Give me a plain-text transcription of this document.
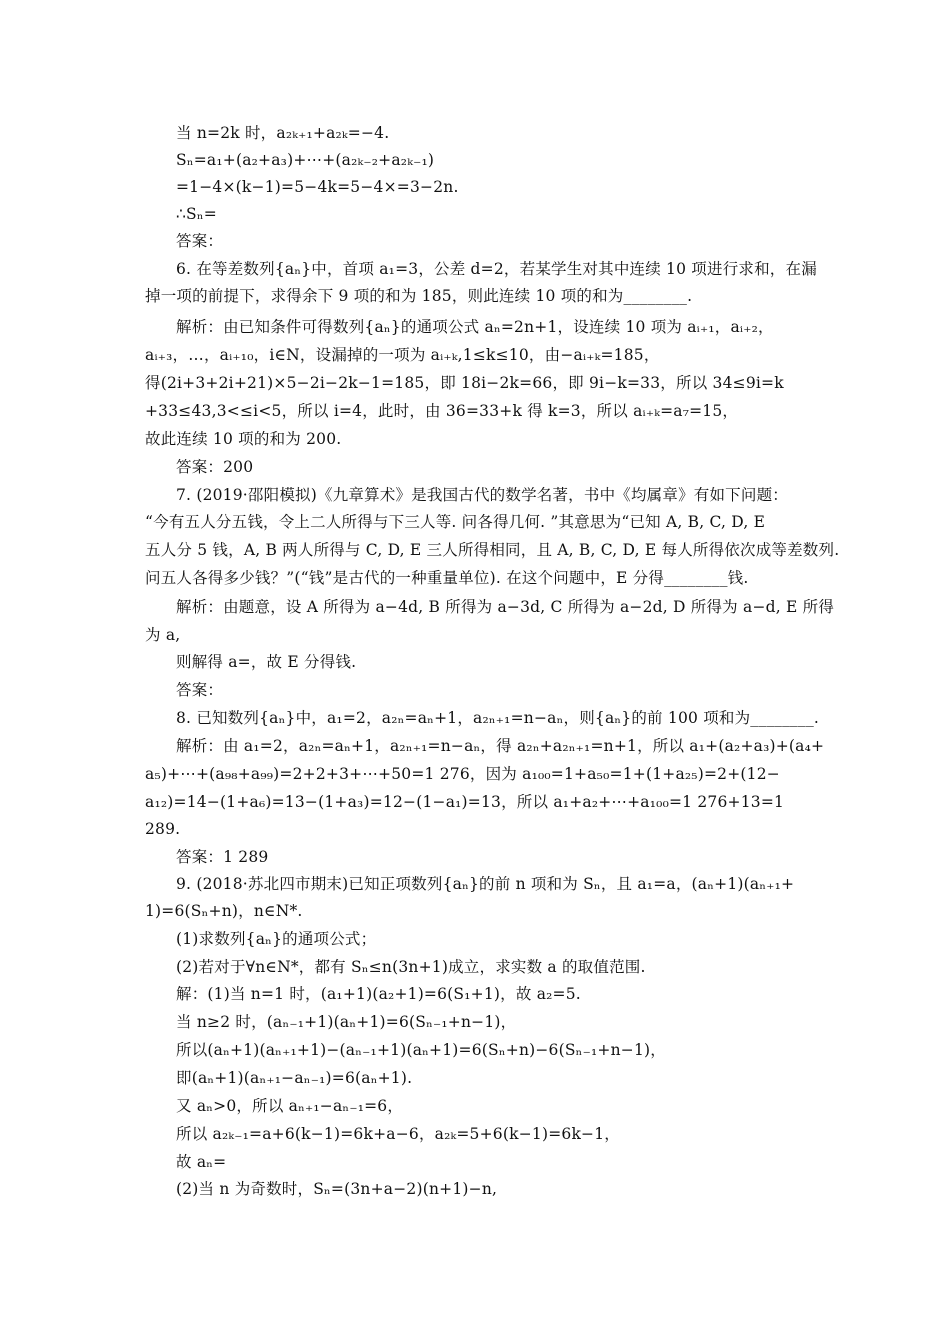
当 n=2k 时，a₂ₖ₊₁+a₂ₖ=−4.
Sₙ=a₁+(a₂+a₃)+⋯+(a₂ₖ₋₂+a₂ₖ₋₁)
=1−4×(k−1)=5−4k=5−4×=3−2n.
∴Sₙ=
答案：
6. 在等差数列{aₙ}中，首项 a₁=3，公差 d=2，若某学生对其中连续 10 项进行求和，在漏
掉一项的前提下，求得余下 9 项的和为 185，则此连续 10 项的和为________.
解析：由已知条件可得数列{aₙ}的通项公式 aₙ=2n+1，设连续 10 项为 aᵢ₊₁，aᵢ₊₂，
aᵢ₊₃，…，aᵢ₊₁₀，i∈N，设漏掉的一项为 aᵢ₊ₖ,1≤k≤10，由−aᵢ₊ₖ=185，
得(2i+3+2i+21)×5−2i−2k−1=185，即 18i−2k=66，即 9i−k=33，所以 34≤9i=k
+33≤43,3<≤i<5，所以 i=4，此时，由 36=33+k 得 k=3，所以 aᵢ₊ₖ=a₇=15，
故此连续 10 项的和为 200.
答案：200
7. (2019·邵阳模拟)《九章算术》是我国古代的数学名著，书中《均属章》有如下问题：
“今有五人分五钱，令上二人所得与下三人等. 问各得几何. ”其意思为“已知 A, B, C, D, E
五人分 5 钱，A, B 两人所得与 C, D, E 三人所得相同，且 A, B, C, D, E 每人所得依次成等差数列.
问五人各得多少钱？”(“钱”是古代的一种重量单位). 在这个问题中，E 分得________钱.
解析：由题意，设 A 所得为 a−4d, B 所得为 a−3d, C 所得为 a−2d, D 所得为 a−d, E 所得
为 a,
则解得 a=，故 E 分得钱.
答案：
8. 已知数列{aₙ}中，a₁=2，a₂ₙ=aₙ+1，a₂ₙ₊₁=n−aₙ，则{aₙ}的前 100 项和为________.
解析：由 a₁=2，a₂ₙ=aₙ+1，a₂ₙ₊₁=n−aₙ，得 a₂ₙ+a₂ₙ₊₁=n+1，所以 a₁+(a₂+a₃)+(a₄+
a₅)+⋯+(a₉₈+a₉₉)=2+2+3+⋯+50=1 276，因为 a₁₀₀=1+a₅₀=1+(1+a₂₅)=2+(12−
a₁₂)=14−(1+a₆)=13−(1+a₃)=12−(1−a₁)=13，所以 a₁+a₂+⋯+a₁₀₀=1 276+13=1
289.
答案：1 289
9. (2018·苏北四市期末)已知正项数列{aₙ}的前 n 项和为 Sₙ，且 a₁=a，(aₙ+1)(aₙ₊₁+
1)=6(Sₙ+n)，n∈N*.
(1)求数列{aₙ}的通项公式；
(2)若对于∀n∈N*，都有 Sₙ≤n(3n+1)成立，求实数 a 的取值范围.
解：(1)当 n=1 时，(a₁+1)(a₂+1)=6(S₁+1)，故 a₂=5.
当 n≥2 时，(aₙ₋₁+1)(aₙ+1)=6(Sₙ₋₁+n−1)，
所以(aₙ+1)(aₙ₊₁+1)−(aₙ₋₁+1)(aₙ+1)=6(Sₙ+n)−6(Sₙ₋₁+n−1)，
即(aₙ+1)(aₙ₊₁−aₙ₋₁)=6(aₙ+1).
又 aₙ>0，所以 aₙ₊₁−aₙ₋₁=6，
所以 a₂ₖ₋₁=a+6(k−1)=6k+a−6，a₂ₖ=5+6(k−1)=6k−1，
故 aₙ=
(2)当 n 为奇数时，Sₙ=(3n+a−2)(n+1)−n,
